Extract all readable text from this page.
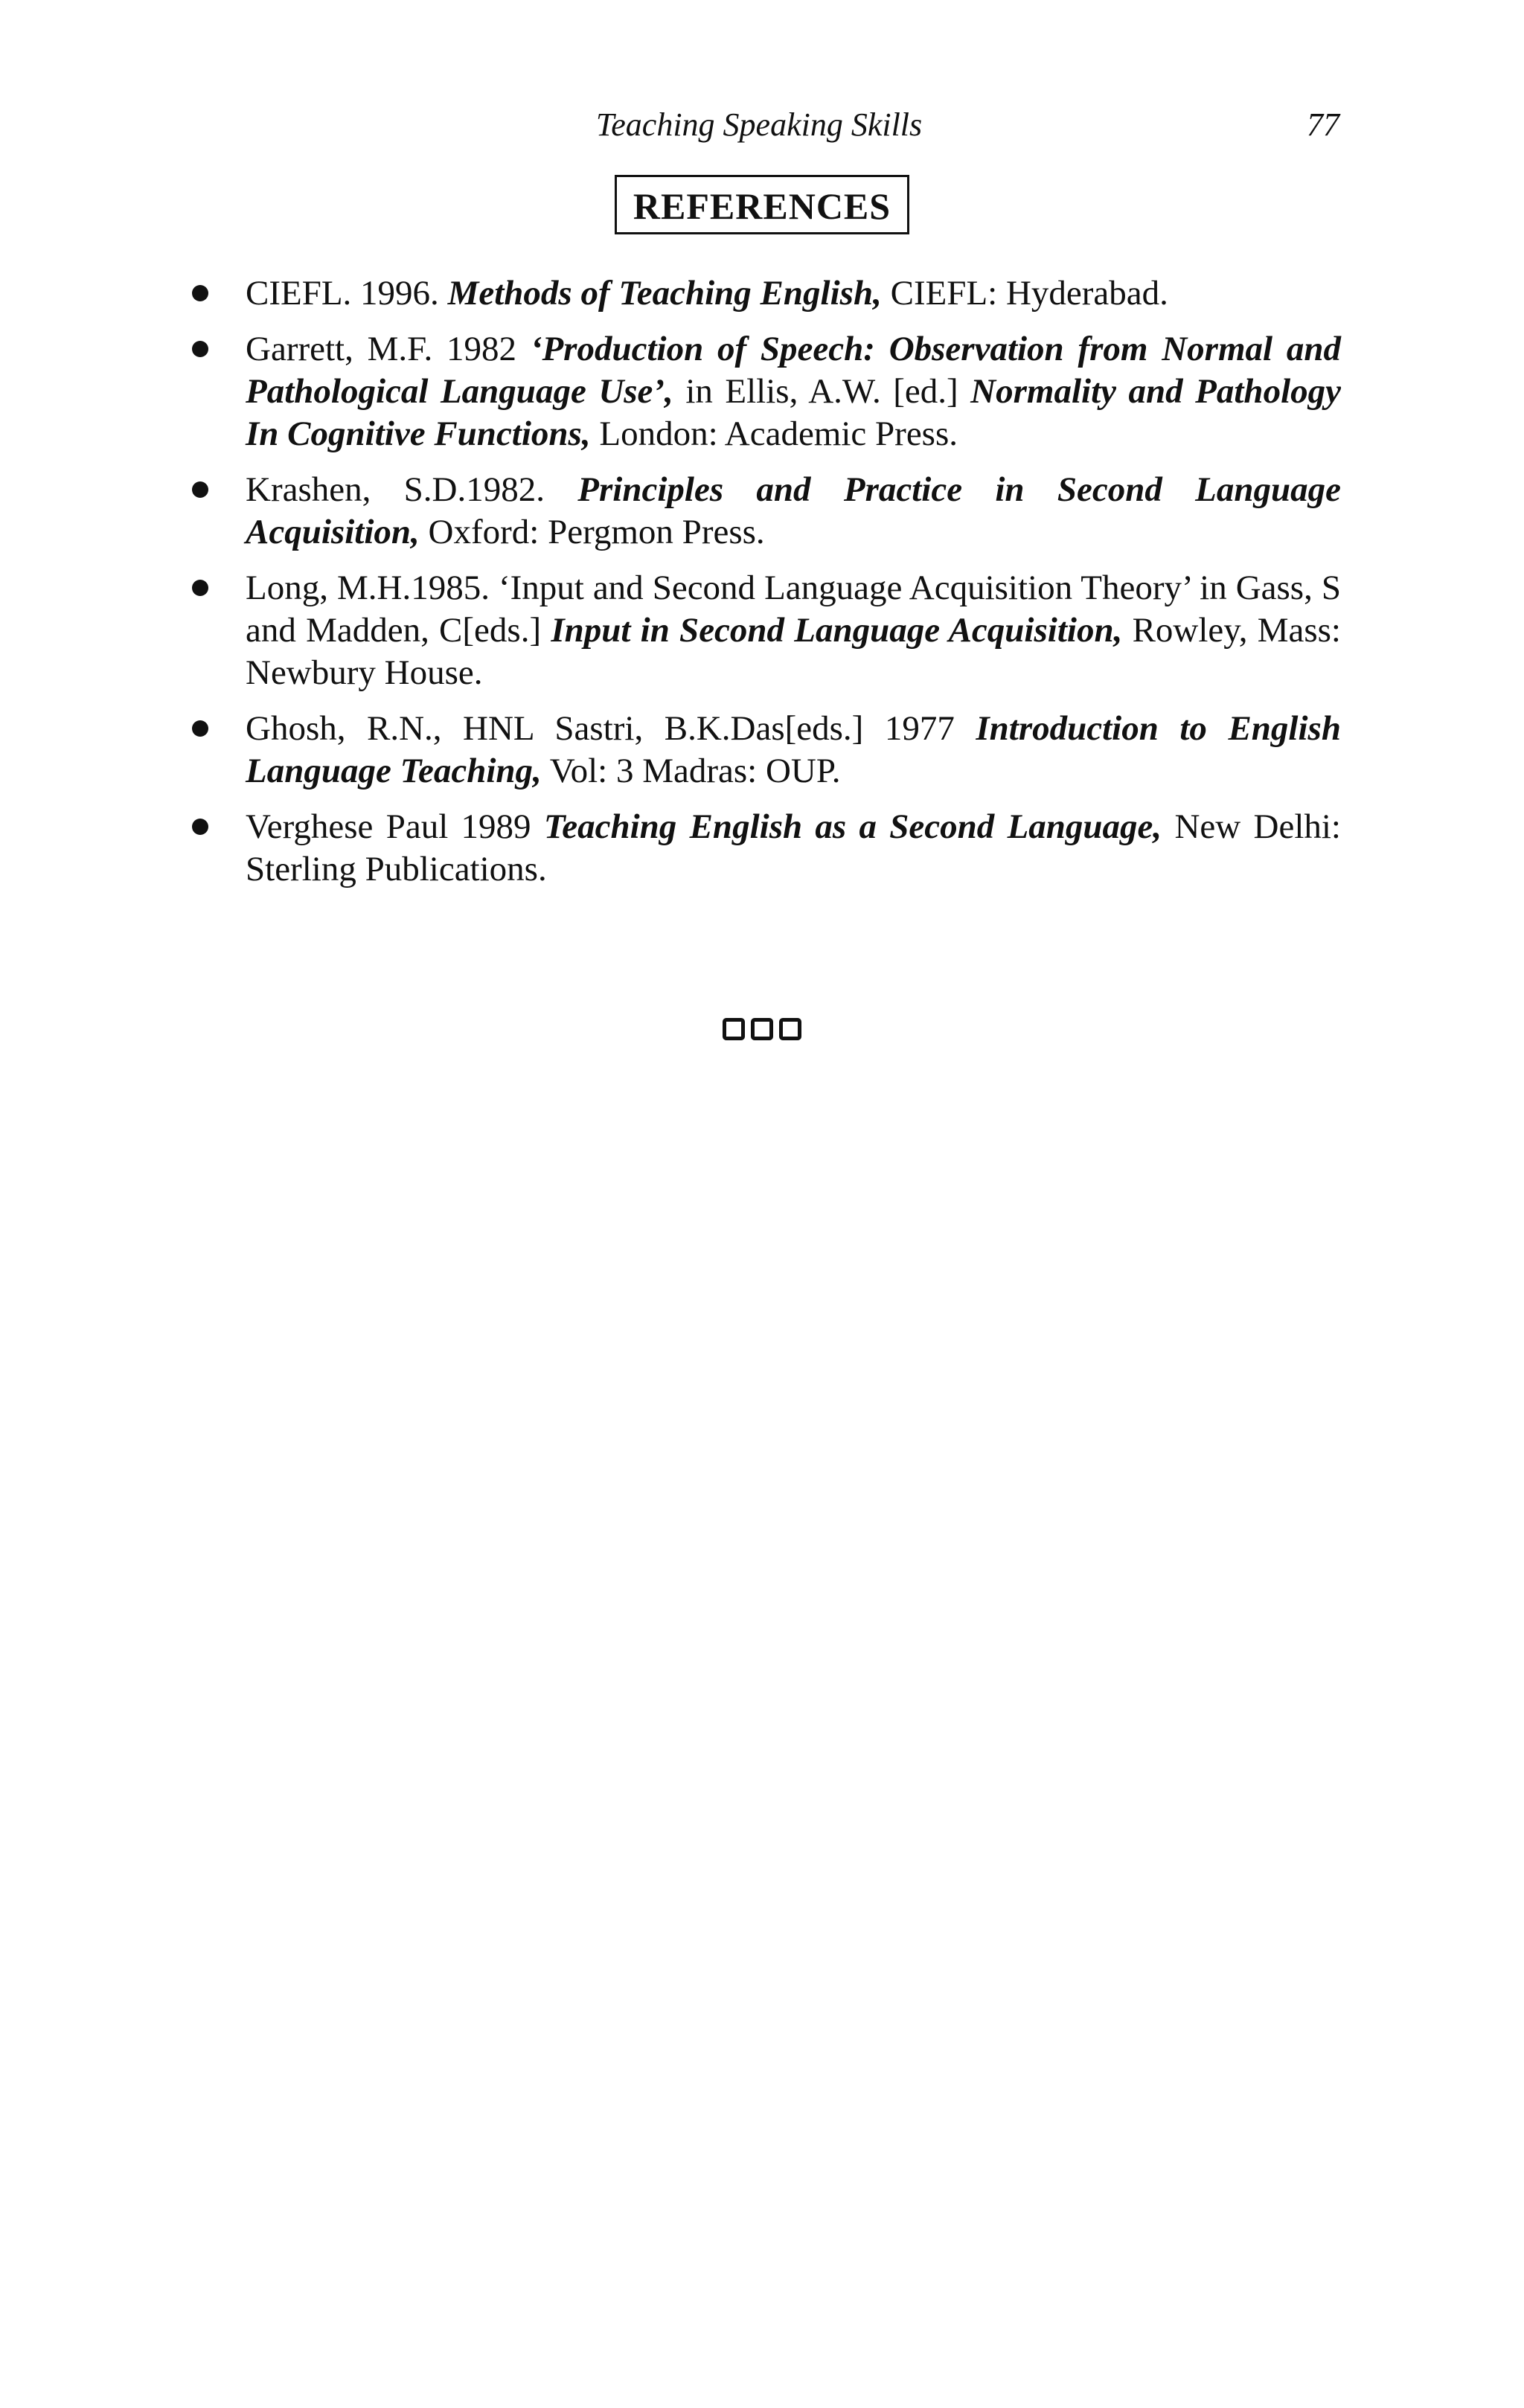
Teaching Speaking Skills	77
REFERENCES
CIEFL. 1996. Methods of Teaching English, CIEFL: Hyderabad.
Garrett, M.F. 1982 ‘Production of Speech: Observation from Normal and Pathological Language Use’, in Ellis, A.W. [ed.] Normality and Pathology In Cognitive Functions, London: Academic Press.
Krashen, S.D.1982. Principles and Practice in Second Language Acquisition, Oxford: Pergmon Press.
Long, M.H.1985. ‘Input and Second Language Acquisition Theory’ in Gass, S and Madden, C[eds.] Input in Second Language Acquisition, Rowley, Mass: Newbury House.
Ghosh, R.N., HNL Sastri, B.K.Das[eds.] 1977 Introduction to English Language Teaching, Vol: 3 Madras: OUP.
Verghese Paul 1989 Teaching English as a Second Language, New Delhi: Sterling Publications.
